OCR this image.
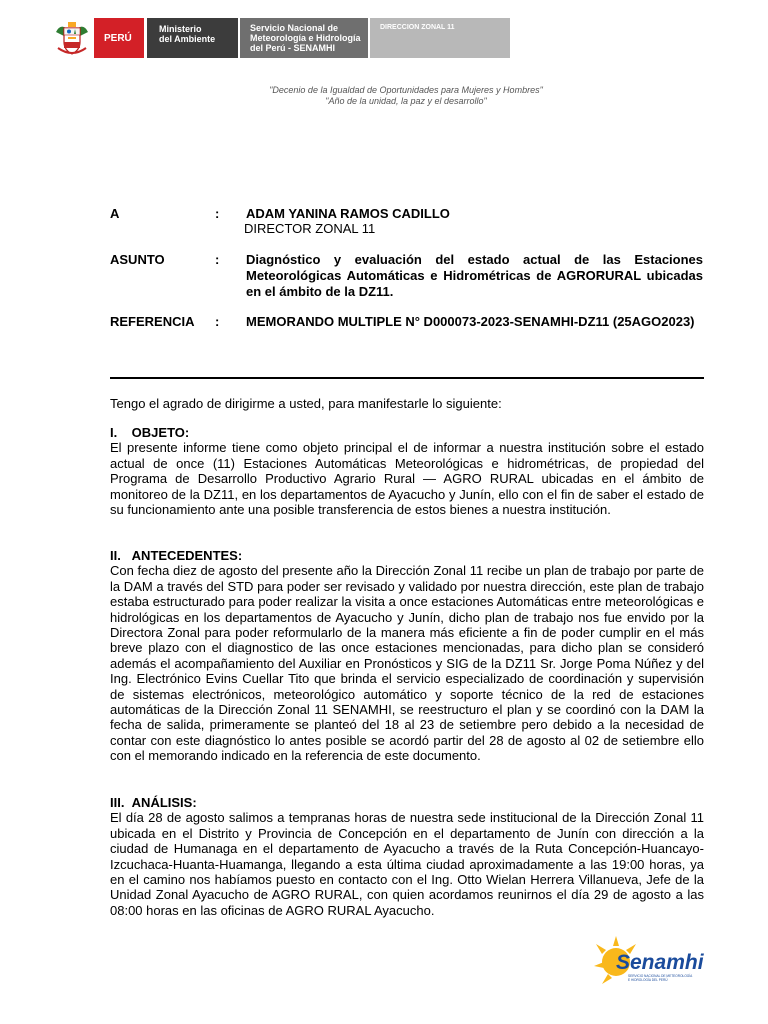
PERÚ
Ministerio
del Ambiente
Servicio Nacional de
Meteorología e Hidrología
del Perú - SENAMHI
DIRECCION ZONAL 11
"Decenio de la Igualdad de Oportunidades para Mujeres y Hombres"
"Año de la unidad, la paz y el desarrollo"
A	: ADAM YANINA RAMOS CADILLO
DIRECTOR ZONAL 11
ASUNTO	: Diagnóstico y evaluación del estado actual de las Estaciones Meteorológicas Automáticas e Hidrométricas de AGRORURAL ubicadas en el ámbito de la DZ11.
REFERENCIA : MEMORANDO MULTIPLE N° D000073-2023-SENAMHI-DZ11 (25AGO2023)
Tengo el agrado de dirigirme a usted, para manifestarle lo siguiente:
I.    OBJETO:
El presente informe tiene como objeto principal el de informar a nuestra institución sobre el estado actual de once (11) Estaciones Automáticas Meteorológicas e hidrométricas, de propiedad del Programa de Desarrollo Productivo Agrario Rural — AGRO RURAL ubicadas en el ámbito de monitoreo de la DZ11, en los departamentos de Ayacucho y Junín, ello con el fin de saber el estado de su funcionamiento ante una posible transferencia de estos bienes a nuestra institución.
II.   ANTECEDENTES:
Con fecha diez de agosto del presente año la Dirección Zonal 11 recibe un plan de trabajo por parte de la DAM a través del STD para poder ser revisado y validado por nuestra dirección, este plan de trabajo estaba estructurado para poder realizar la visita a once estaciones Automáticas entre meteorológicas e hidrológicas en los departamentos de Ayacucho y Junín, dicho plan de trabajo nos fue envido por la Directora Zonal para poder reformularlo de la manera más eficiente a fin de poder cumplir en el más breve plazo con el diagnostico de las once estaciones mencionadas, para dicho plan se consideró además el acompañamiento del Auxiliar en Pronósticos y SIG de la DZ11 Sr. Jorge Poma Núñez y del Ing. Electrónico Evins Cuellar Tito que brinda el servicio especializado de coordinación y supervisión de sistemas electrónicos, meteorológico automático y soporte técnico de la red de estaciones automáticas de la Dirección Zonal 11 SENAMHI, se reestructuro el plan y se coordinó con la DAM la fecha de salida, primeramente se planteó del 18 al 23 de setiembre pero debido a la necesidad de contar con este diagnóstico lo antes posible se acordó partir del 28 de agosto al 02 de setiembre ello con el memorando indicado en la referencia de este documento.
III.  ANÁLISIS:
El día 28 de agosto salimos a tempranas horas de nuestra sede institucional de la Dirección Zonal 11 ubicada en el Distrito y Provincia de Concepción en el departamento de Junín con dirección a la ciudad de Humanaga en el departamento de Ayacucho a través de la Ruta Concepción-Huancayo-Izcuchaca-Huanta-Huamanga, llegando a esta última ciudad aproximadamente a las 19:00 horas, ya en el camino nos habíamos puesto en contacto con el Ing. Otto Wielan Herrera Villanueva, Jefe de la Unidad Zonal Ayacucho de AGRO RURAL, con quien acordamos reunirnos el día 29 de agosto a las 08:00 horas en las oficinas de AGRO RURAL Ayacucho.
Senamhi
SERVICIO NACIONAL DE METEOROLOGÍA
E HIDROLOGÍA DEL PERÚ
